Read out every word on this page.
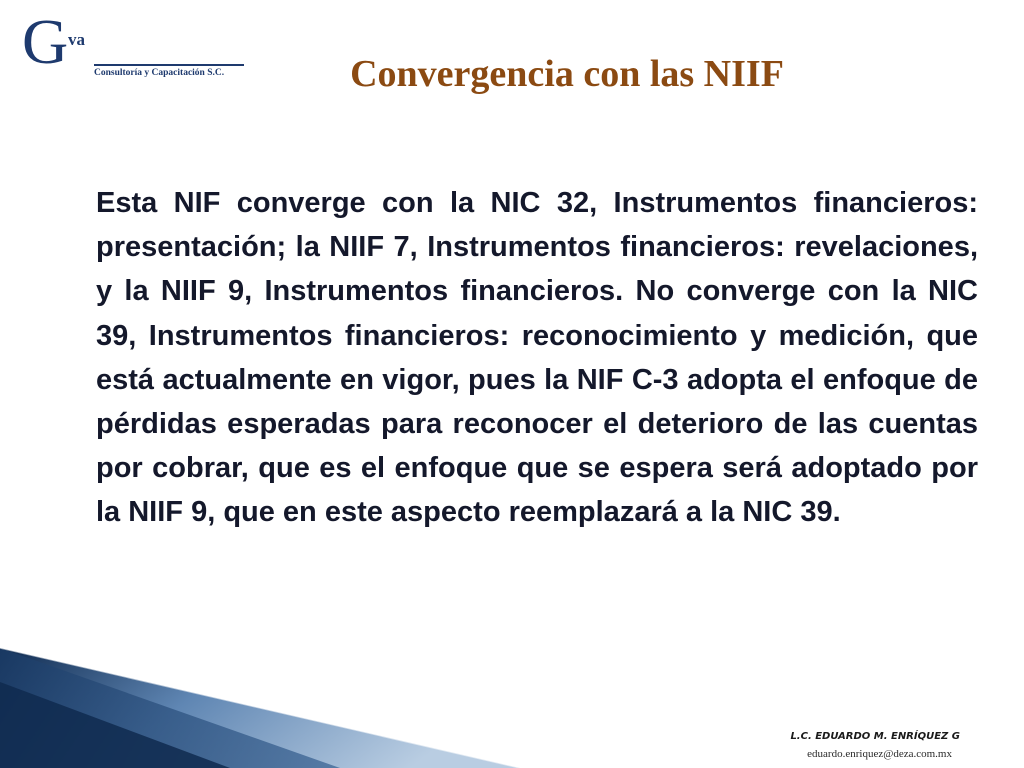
G va
Consultoría y Capacitación S.C.	Convergencia con las NIIF

Esta NIF converge con la NIC 32, Instrumentos financieros: presentación; la NIIF 7, Instrumentos financieros: revelaciones, y la NIIF 9, Instrumentos financieros. No converge con la NIC 39, Instrumentos financieros: reconocimiento y medición, que está actualmente en vigor, pues la NIF C-3 adopta el enfoque de pérdidas esperadas para reconocer el deterioro de las cuentas por cobrar, que es el enfoque que se espera será adoptado por la NIIF 9, que en este aspecto reemplazará a la NIC 39.

L.C. EDUARDO M. ENRÍQUEZ G
eduardo.enriquez@deza.com.mx
